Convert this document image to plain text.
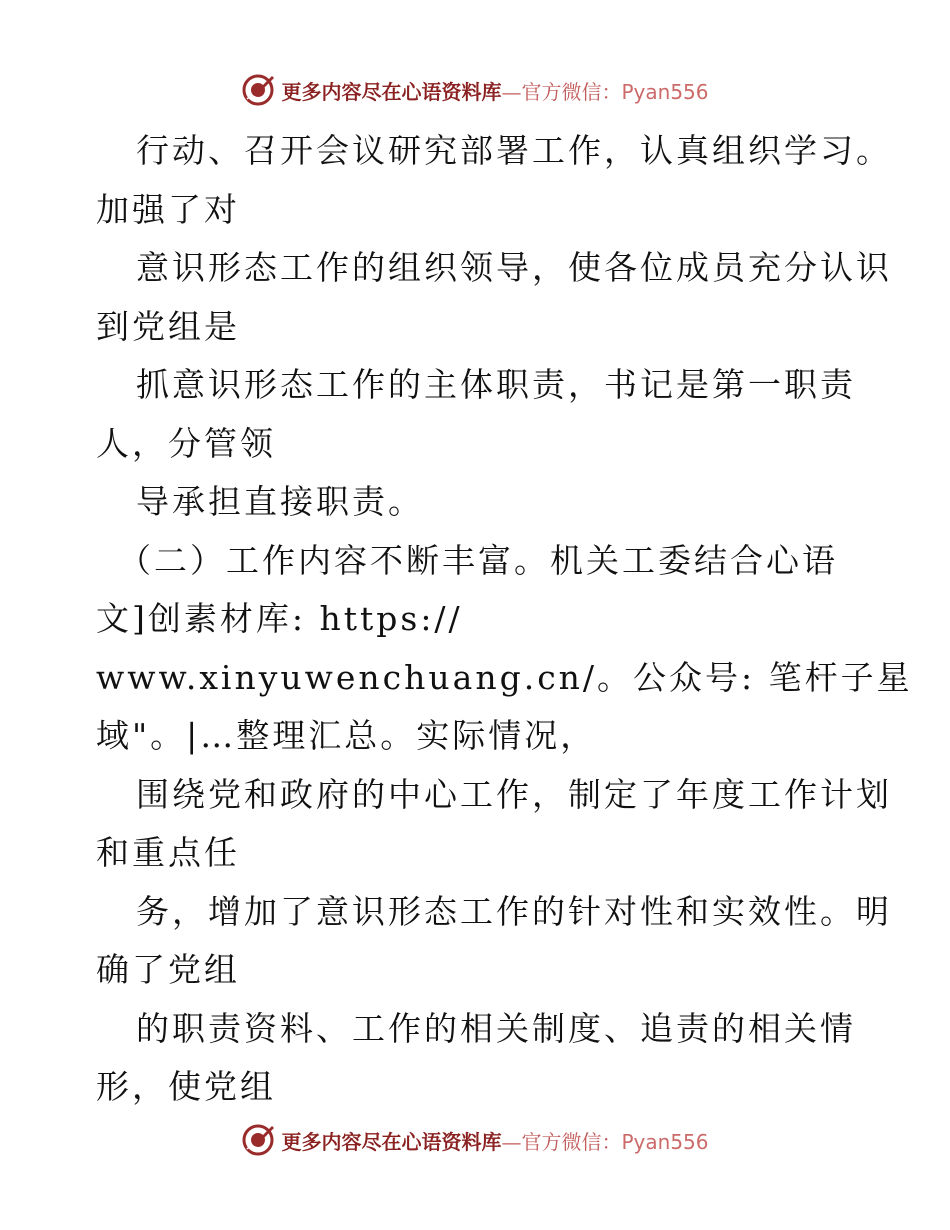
更多内容尽在心语资料库—官方微信：Pyan556
行动、召开会议研究部署工作，认真组织学习。
加强了对
意识形态工作的组织领导，使各位成员充分认识
到党组是
抓意识形态工作的主体职责，书记是第一职责
人，分管领
导承担直接职责。
（二）工作内容不断丰富。机关工委结合心语
文]创素材库: https://
www.xinyuwenchuang.cn/。公众号: 笔杆子星
域"。|…整理汇总。实际情况，
围绕党和政府的中心工作，制定了年度工作计划
和重点任
务，增加了意识形态工作的针对性和实效性。明
确了党组
的职责资料、工作的相关制度、追责的相关情
形，使党组
更多内容尽在心语资料库—官方微信：Pyan556
